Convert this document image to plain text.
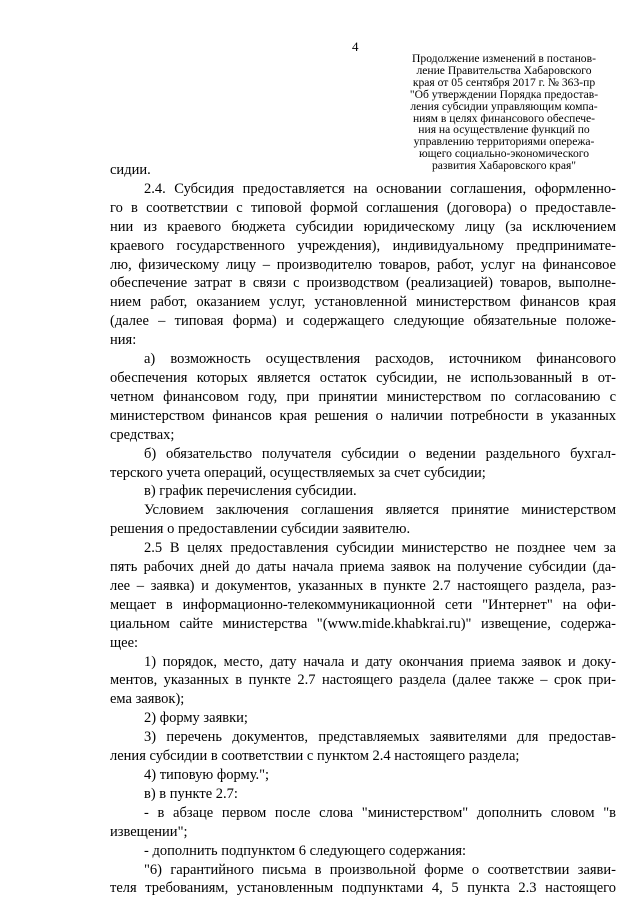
4
Продолжение изменений в постанов-
ление Правительства Хабаровского
края от 05 сентября 2017 г. № 363-пр
"Об утверждении Порядка предостав-
ления субсидии управляющим компа-
ниям в целях финансового обеспече-
ния на осуществление функций по
управлению территориями опережа-
ющего социально-экономического
развития Хабаровского края"
сидии.
2.4. Субсидия предоставляется на основании соглашения, оформленно-
го в соответствии с типовой формой соглашения (договора) о предоставле-
нии из краевого бюджета субсидии юридическому лицу (за исключением
краевого государственного учреждения), индивидуальному предпринимате-
лю, физическому лицу – производителю товаров, работ, услуг на финансовое
обеспечение затрат в связи с производством (реализацией) товаров, выполне-
нием работ, оказанием услуг, установленной министерством финансов края
(далее – типовая форма) и содержащего следующие обязательные положе-
ния:
а) возможность осуществления расходов, источником финансового
обеспечения которых является остаток субсидии, не использованный в от-
четном финансовом году, при принятии министерством по согласованию с
министерством финансов края решения о наличии потребности в указанных
средствах;
б) обязательство получателя субсидии о ведении раздельного бухгал-
терского учета операций, осуществляемых за счет субсидии;
в) график перечисления субсидии.
Условием заключения соглашения является принятие министерством
решения о предоставлении субсидии заявителю.
2.5 В целях предоставления субсидии министерство не позднее чем за
пять рабочих дней до даты начала приема заявок на получение субсидии (да-
лее – заявка) и документов, указанных в пункте 2.7 настоящего раздела, раз-
мещает в информационно-телекоммуникационной сети "Интернет" на офи-
циальном сайте министерства "(www.mide.khabkrai.ru)" извещение, содержа-
щее:
1) порядок, место, дату начала и дату окончания приема заявок и доку-
ментов, указанных в пункте 2.7 настоящего раздела (далее также – срок при-
ема заявок);
2) форму заявки;
3) перечень документов, представляемых заявителями для предостав-
ления субсидии в соответствии с пунктом 2.4 настоящего раздела;
4) типовую форму.";
в) в пункте 2.7:
- в абзаце первом после слова "министерством" дополнить словом "в
извещении";
- дополнить подпунктом 6 следующего содержания:
"6) гарантийного письма в произвольной форме о соответствии заяви-
теля требованиям, установленным подпунктами 4, 5 пункта 2.3 настоящего
